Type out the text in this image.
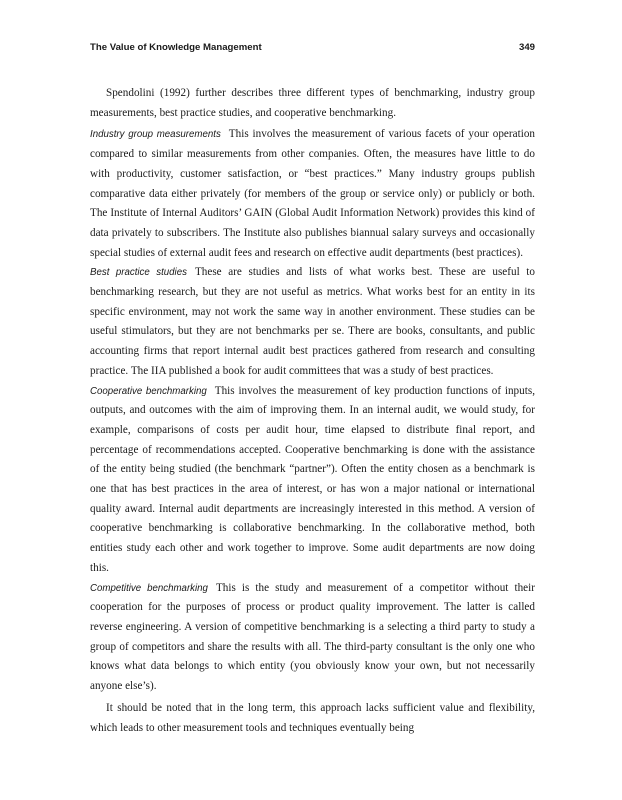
The Value of Knowledge Management	349

Spendolini (1992) further describes three different types of benchmarking, industry group measurements, best practice studies, and cooperative benchmarking.

Industry group measurements This involves the measurement of various facets of your operation compared to similar measurements from other companies. Often, the measures have little to do with productivity, customer satisfaction, or “best practices.” Many industry groups publish comparative data either privately (for members of the group or service only) or publicly or both. The Institute of Internal Auditors’ GAIN (Global Audit Information Network) provides this kind of data privately to subscribers. The Institute also publishes biannual salary surveys and occasionally special studies of external audit fees and research on effective audit departments (best practices).

Best practice studies These are studies and lists of what works best. These are useful to benchmarking research, but they are not useful as metrics. What works best for an entity in its specific environment, may not work the same way in another environment. These studies can be useful stimulators, but they are not benchmarks per se. There are books, consultants, and public accounting firms that report internal audit best practices gathered from research and consulting practice. The IIA published a book for audit committees that was a study of best practices.

Cooperative benchmarking This involves the measurement of key production functions of inputs, outputs, and outcomes with the aim of improving them. In an internal audit, we would study, for example, comparisons of costs per audit hour, time elapsed to distribute final report, and percentage of recommendations accepted. Cooperative benchmarking is done with the assistance of the entity being studied (the benchmark “partner”). Often the entity chosen as a benchmark is one that has best practices in the area of interest, or has won a major national or international quality award. Internal audit departments are increasingly interested in this method. A version of cooperative benchmarking is collaborative benchmarking. In the collaborative method, both entities study each other and work together to improve. Some audit departments are now doing this.

Competitive benchmarking This is the study and measurement of a competitor without their cooperation for the purposes of process or product quality improvement. The latter is called reverse engineering. A version of competitive benchmarking is a selecting a third party to study a group of competitors and share the results with all. The third-party consultant is the only one who knows what data belongs to which entity (you obviously know your own, but not necessarily anyone else’s).

It should be noted that in the long term, this approach lacks sufficient value and flexibility, which leads to other measurement tools and techniques eventually being
